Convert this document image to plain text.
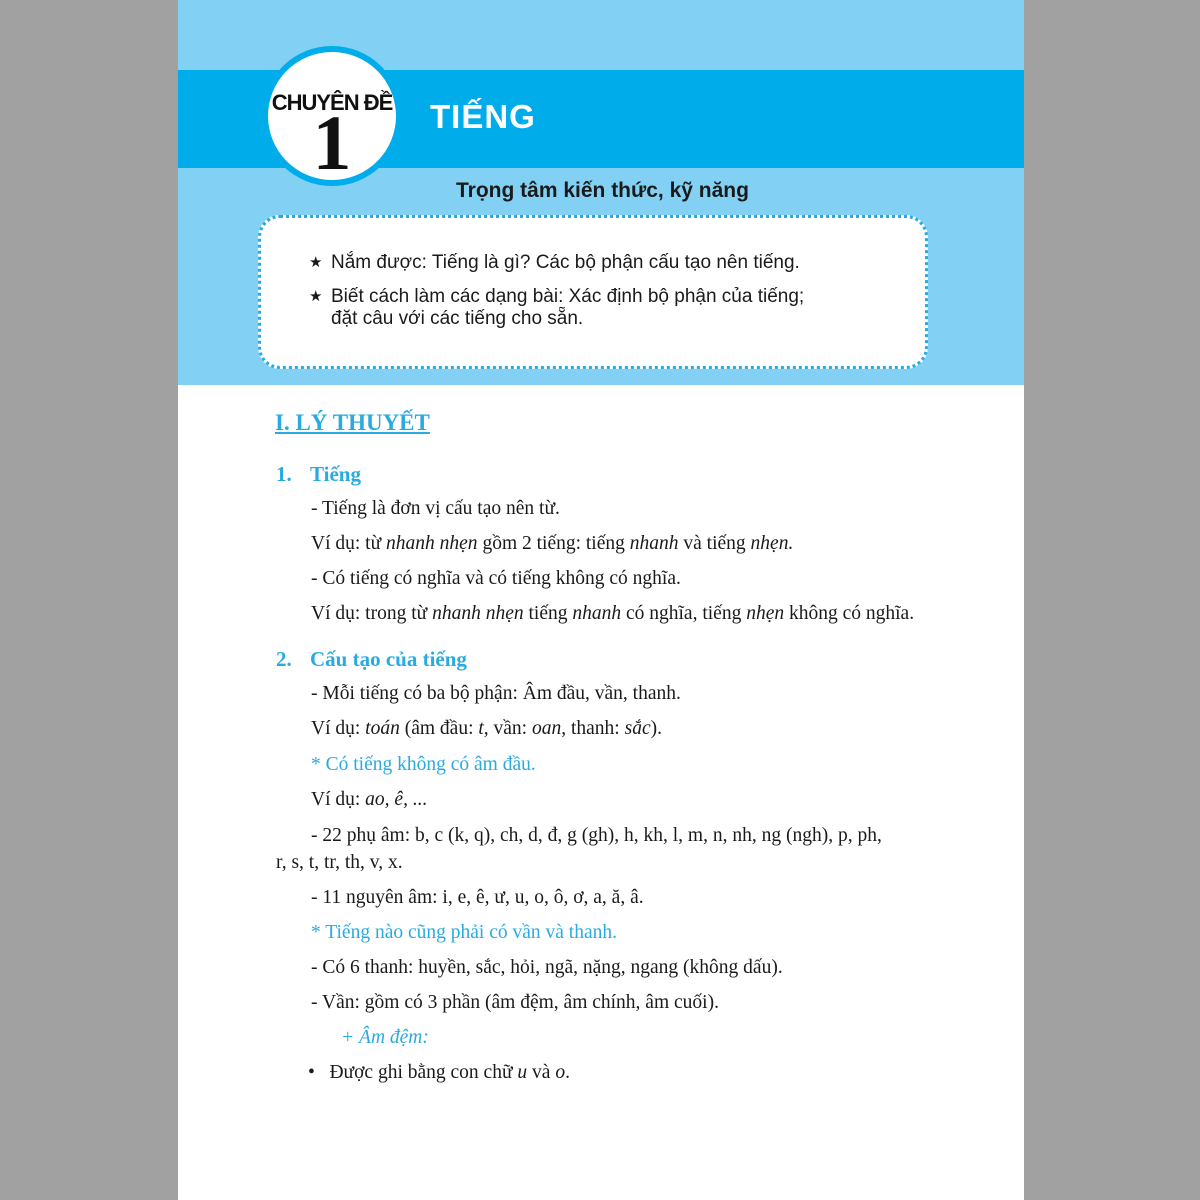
CHUYÊN ĐỀ
1	TIẾNG
Trọng tâm kiến thức, kỹ năng
★ Nắm được: Tiếng là gì? Các bộ phận cấu tạo nên tiếng.
★ Biết cách làm các dạng bài: Xác định bộ phận của tiếng;
đặt câu với các tiếng cho sẵn.
I. LÝ THUYẾT
1. Tiếng
- Tiếng là đơn vị cấu tạo nên từ.
Ví dụ: từ nhanh nhẹn gồm 2 tiếng: tiếng nhanh và tiếng nhẹn.
- Có tiếng có nghĩa và có tiếng không có nghĩa.
Ví dụ: trong từ nhanh nhẹn tiếng nhanh có nghĩa, tiếng nhẹn không có nghĩa.
2. Cấu tạo của tiếng
- Mỗi tiếng có ba bộ phận: Âm đầu, vần, thanh.
Ví dụ: toán (âm đầu: t, vần: oan, thanh: sắc).
* Có tiếng không có âm đầu.
Ví dụ: ao, ê, ...
- 22 phụ âm: b, c (k, q), ch, d, đ, g (gh), h, kh, l, m, n, nh, ng (ngh), p, ph,
r, s, t, tr, th, v, x.
- 11 nguyên âm: i, e, ê, ư, u, o, ô, ơ, a, ă, â.
* Tiếng nào cũng phải có vần và thanh.
- Có 6 thanh: huyền, sắc, hỏi, ngã, nặng, ngang (không dấu).
- Vần: gồm có 3 phần (âm đệm, âm chính, âm cuối).
+ Âm đệm:
• Được ghi bằng con chữ u và o.
